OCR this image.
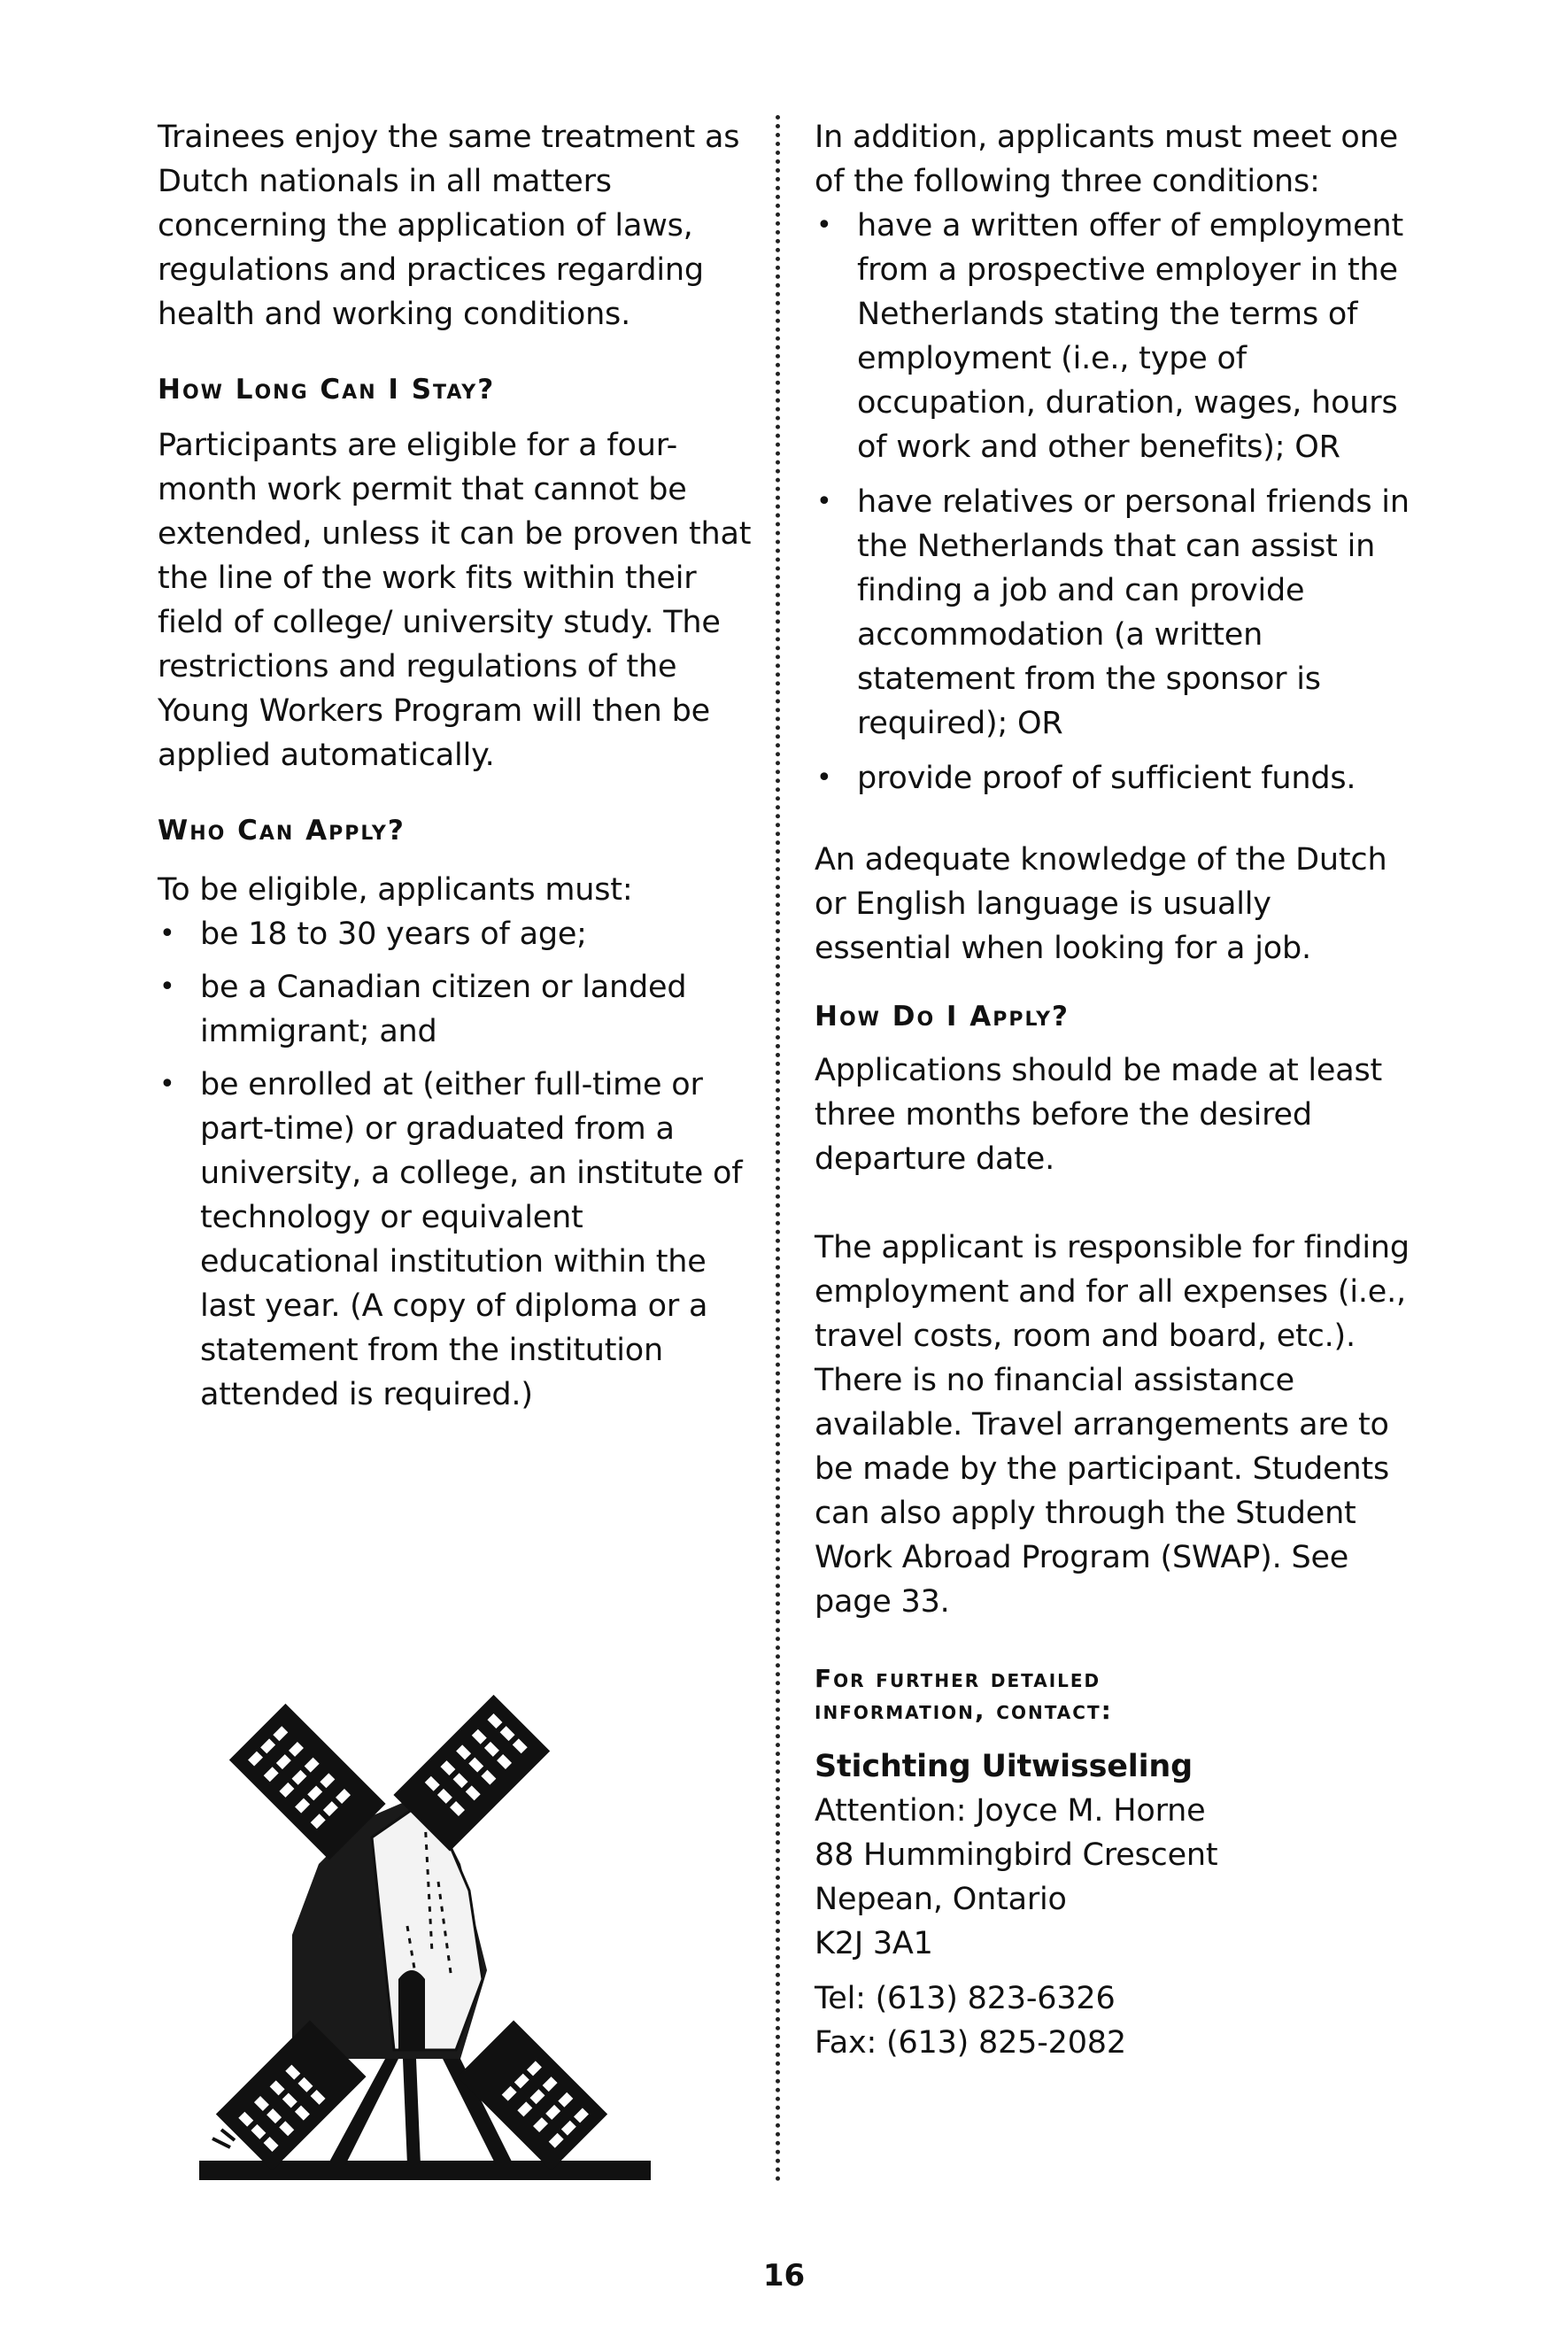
Trainees enjoy the same treatment as Dutch nationals in all matters concerning the application of laws, regulations and practices regarding health and working conditions.

How Long Can I Stay?

Participants are eligible for a four-month work permit that cannot be extended, unless it can be proven that the line of the work fits within their field of college/ university study. The restrictions and regulations of the Young Workers Program will then be applied automatically.

Who Can Apply?

To be eligible, applicants must:

• be 18 to 30 years of age;
• be a Canadian citizen or landed immigrant; and
• be enrolled at (either full-time or part-time) or graduated from a university, a college, an institute of technology or equivalent educational institution within the last year. (A copy of diploma or a statement from the institution attended is required.)

In addition, applicants must meet one of the following three conditions:

• have a written offer of employment from a prospective employer in the Netherlands stating the terms of employment (i.e., type of occupation, duration, wages, hours of work and other benefits); OR
• have relatives or personal friends in the Netherlands that can assist in finding a job and can provide accommodation (a written statement from the sponsor is required); OR
• provide proof of sufficient funds.

An adequate knowledge of the Dutch or English language is usually essential when looking for a job.

How Do I Apply?

Applications should be made at least three months before the desired departure date.

The applicant is responsible for finding employment and for all expenses (i.e., travel costs, room and board, etc.). There is no financial assistance available. Travel arrangements are to be made by the participant. Students can also apply through the Student Work Abroad Program (SWAP). See page 33.

For further detailed
information, contact:
Stichting Uitwisseling
Attention: Joyce M. Horne
88 Hummingbird Crescent
Nepean, Ontario
K2J 3A1
Tel: (613) 823-6326
Fax: (613) 825-2082
16
